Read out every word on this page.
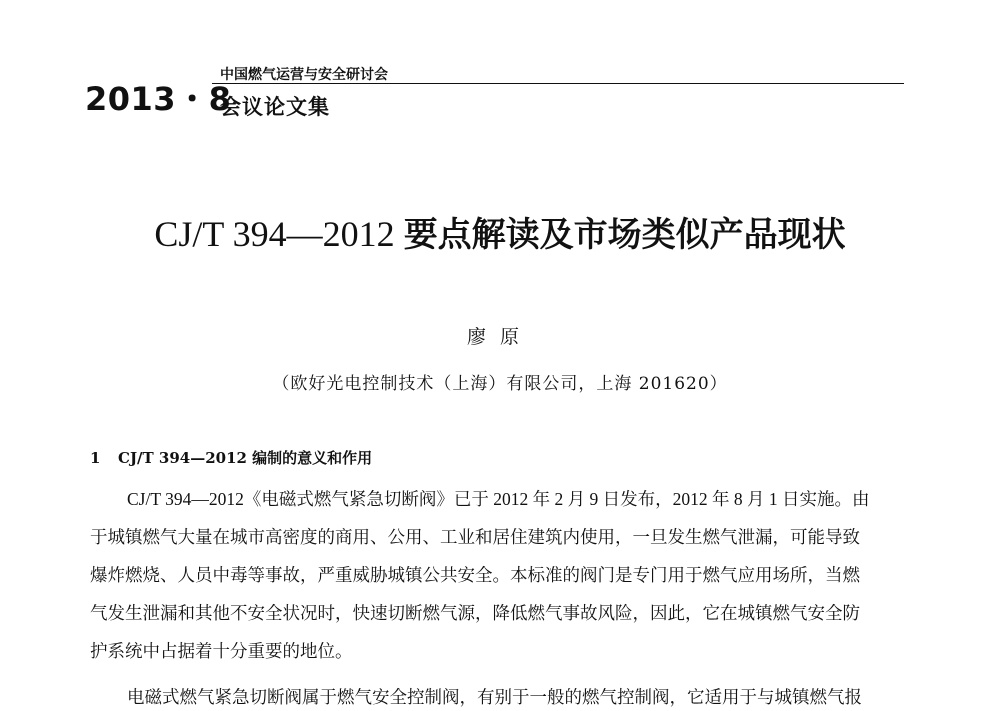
2013・8
中国燃气运营与安全研讨会
会议论文集
CJ/T 394—2012 要点解读及市场类似产品现状
廖原
（欧好光电控制技术（上海）有限公司，上海 201620）
1 CJ/T 394—2012 编制的意义和作用
CJ/T 394—2012《电磁式燃气紧急切断阀》已于 2012 年 2 月 9 日发布，2012 年 8 月 1 日实施。由
于城镇燃气大量在城市高密度的商用、公用、工业和居住建筑内使用，一旦发生燃气泄漏，可能导致
爆炸燃烧、人员中毒等事故，严重威胁城镇公共安全。本标准的阀门是专门用于燃气应用场所，当燃
气发生泄漏和其他不安全状况时，快速切断燃气源，降低燃气事故风险，因此，它在城镇燃气安全防
护系统中占据着十分重要的地位。
电磁式燃气紧急切断阀属于燃气安全控制阀，有别于一般的燃气控制阀，它适用于与城镇燃气报
